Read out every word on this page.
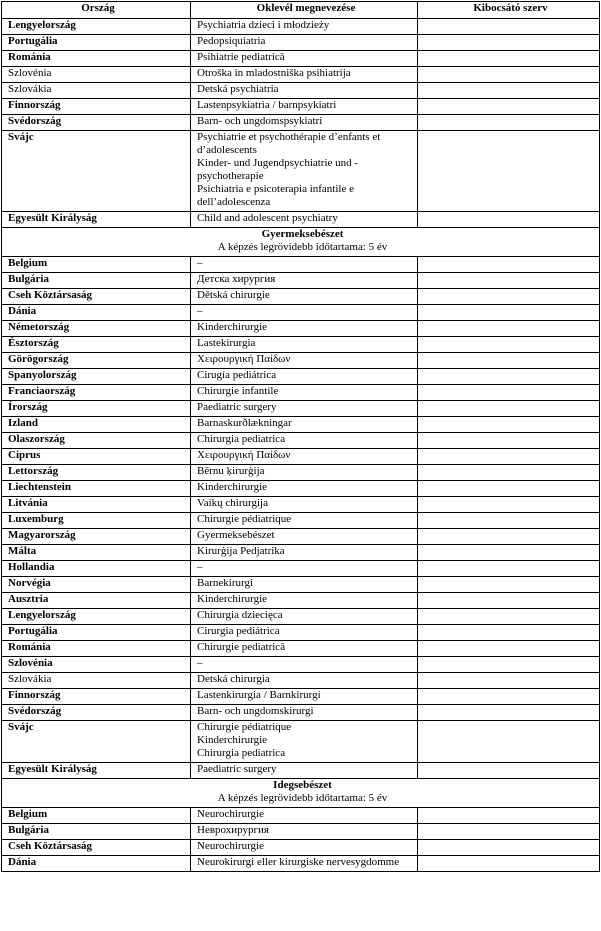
Ország	Oklevél megnevezése	Kibocsátó szerv
Lengyelország	Psychiatria dzieci i młodzieży	

Portugália	Pedopsiquiatria	

Románia	Psihiatrie pediatrică	

Szlovénia	Otroška in mladostniška psihiatrija	

Szlovákia	Detská psychiatria	

Finnország	Lastenpsykiatria / barnpsykiatri	

Svédország	Barn- och ungdomspsykiatri	

Svájc	Psychiatrie et psychothérapie d’enfants et d’adolescents
Kinder- und Jugendpsychiatrie und -psychotherapie
Psichiatria e psicoterapia infantile e dell’adolescenza	

Egyesült Királyság	Child and adolescent psychiatry	

Gyermeksebészet
A képzés legrövidebb időtartama: 5 év		

Belgium	–	

Bulgária	Детска хирургия	

Cseh Köztársaság	Dětská chirurgie	

Dánia	–	

Németország	Kinderchirurgie	

Észtország	Lastekirurgia	

Görögország	Χειρουργική Παίδων	

Spanyolország	Cirugía pediátrica	

Franciaország	Chirurgie infantile	

Írország	Paediatric surgery	

Izland	Barnaskurðlækningar	

Olaszország	Chirurgia pediatrica	

Ciprus	Χειρουργική Παίδων	

Lettország	Bērnu ķirurģija	

Liechtenstein	Kinderchirurgie	

Litvánia	Vaikų chirurgija	

Luxemburg	Chirurgie pédiatrique	

Magyarország	Gyermeksebészet	

Málta	Kirurġija Pedjatrika	

Hollandia	–	

Norvégia	Barnekirurgi	

Ausztria	Kinderchirurgie	

Lengyelország	Chirurgia dziecięca	

Portugália	Cirurgia pediátrica	

Románia	Chirurgie pediatrică	

Szlovénia	–	

Szlovákia	Detská chirurgia	

Finnország	Lastenkirurgia / Barnkirurgi	

Svédország	Barn- och ungdomskirurgi	

Svájc	Chirurgie pédiatrique
Kinderchirurgie
Chirurgia pediatrica	

Egyesült Királyság	Paediatric surgery	

Idegsebészet
A képzés legrövidebb időtartama: 5 év		

Belgium	Neurochirurgie	

Bulgária	Неврохирургия	

Cseh Köztársaság	Neurochirurgie	

Dánia	Neurokirurgi eller kirurgiske nervesygdomme	
